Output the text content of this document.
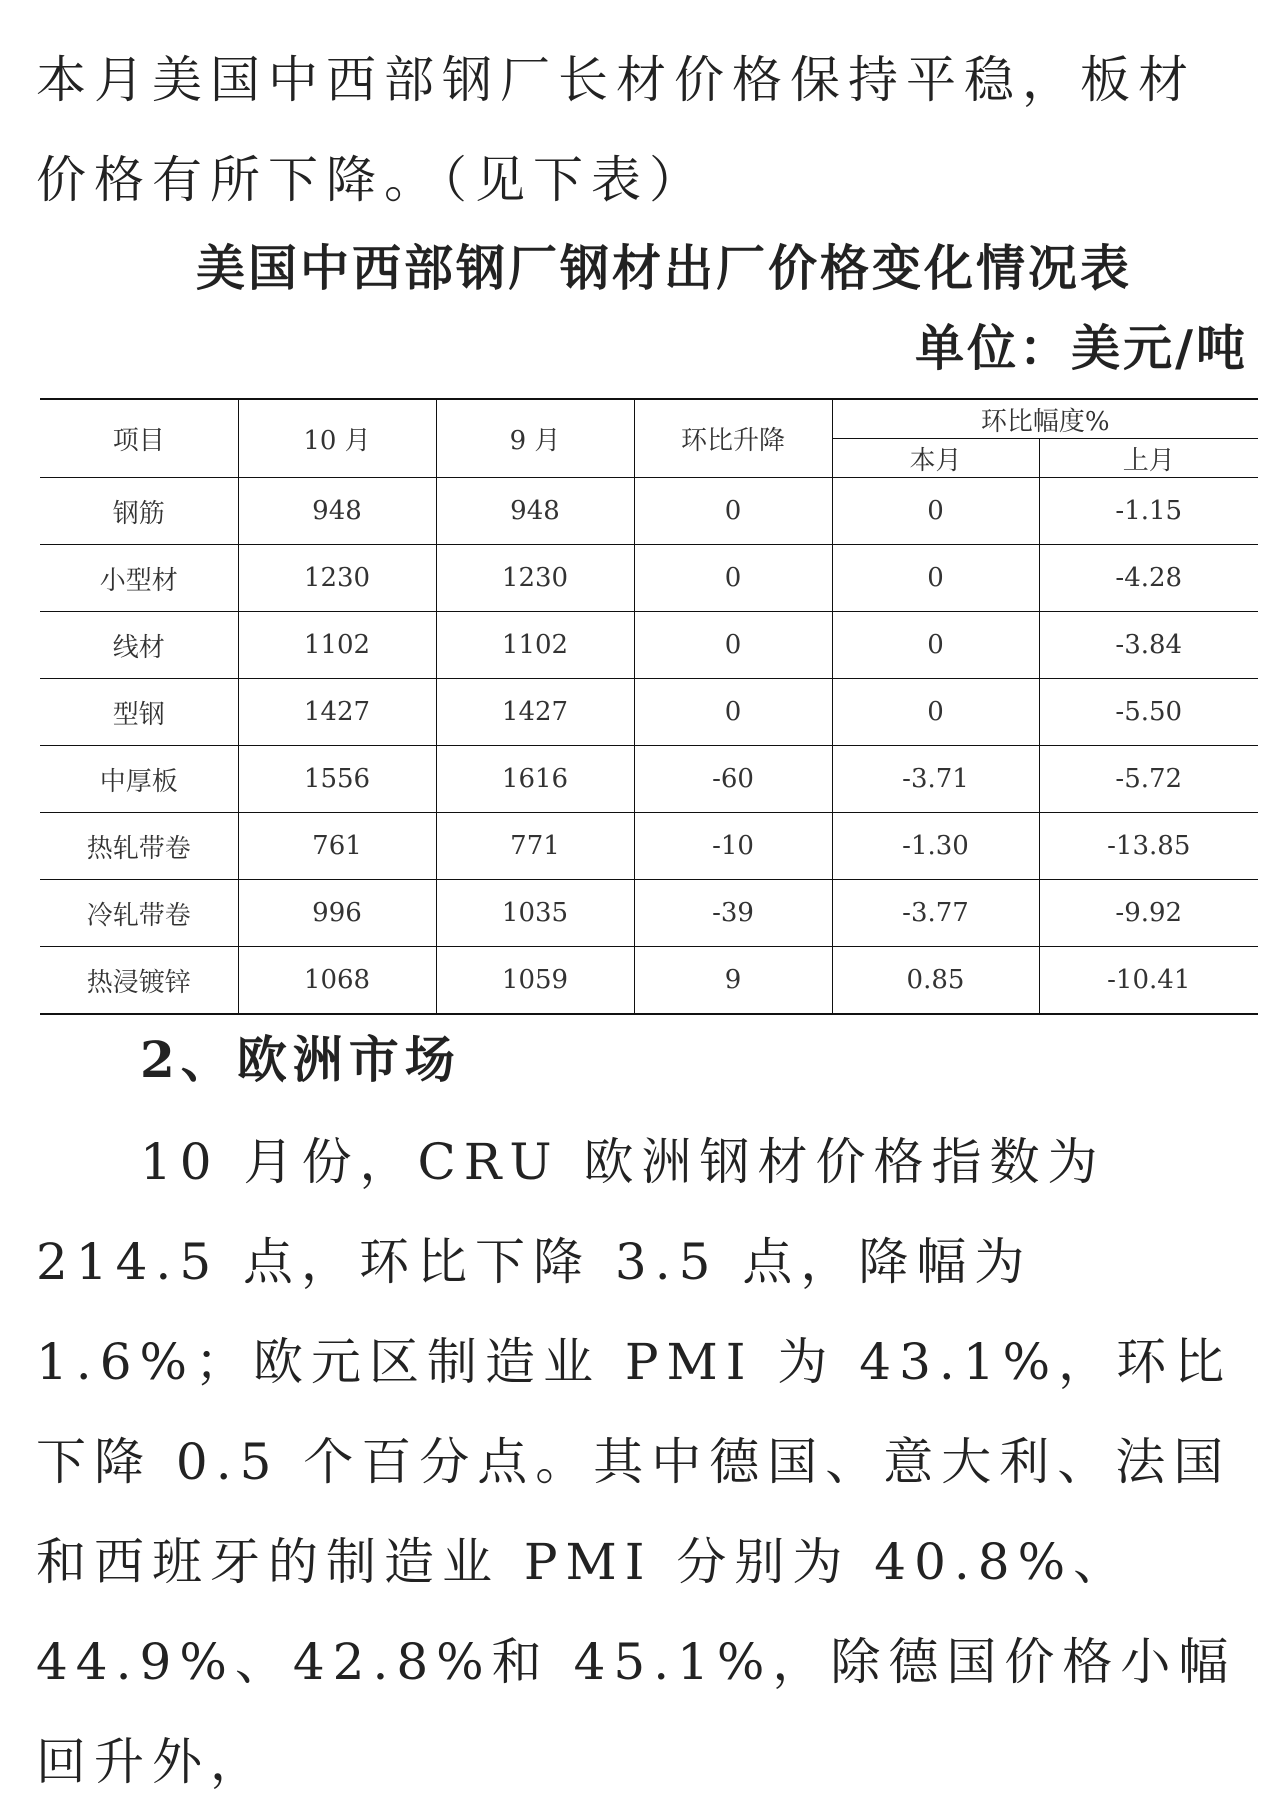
本月美国中西部钢厂长材价格保持平稳，板材价格有所下降。（见下表）

美国中西部钢厂钢材出厂价格变化情况表
单位：美元/吨
项目	10 月	9 月	环比升降	环比幅度%	
				本月	上月
钢筋	948	948	0	0	-1.15
小型材	1230	1230	0	0	-4.28
线材	1102	1102	0	0	-3.84
型钢	1427	1427	0	0	-5.50
中厚板	1556	1616	-60	-3.71	-5.72
热轧带卷	761	771	-10	-1.30	-13.85
冷轧带卷	996	1035	-39	-3.77	-9.92
热浸镀锌	1068	1059	9	0.85	-10.41
2、欧洲市场

10 月份，CRU 欧洲钢材价格指数为 214.5 点，环比下降 3.5 点，降幅为 1.6%；欧元区制造业 PMI 为 43.1%，环比下降 0.5 个百分点。其中德国、意大利、法国和西班牙的制造业 PMI 分别为 40.8%、44.9%、42.8%和 45.1%，除德国价格小幅回升外，
